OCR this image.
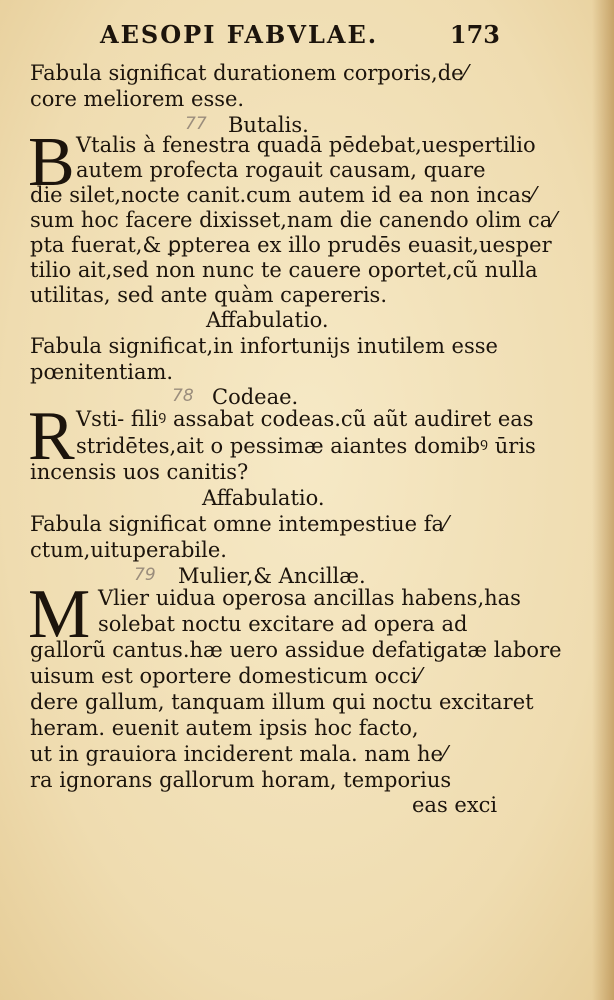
AESOPI FABVLAE.	173
Fabula significat durationem corporis,de⁄
core meliorem esse.
77 Butalis.
B Vtalis à fenestra quadā pēdebat,uespertilio
autem profecta rogauit causam, quare
die silet,nocte canit.cum autem id ea non incas⁄
sum hoc facere dixisset,nam die canendo olim ca⁄
pta fuerat,& ꝑpterea ex illo prudēs euasit,uesper
tilio ait,sed non nunc te cauere oportet,cũ nulla
utilitas, sed ante quàm capereris.
Affabulatio.
Fabula significat,in infortunijs inutilem esse
pœnitentiam.
78 Codeae.
R Vsti- filiꝰ assabat codeas.cũ aũt audiret eas
stridētes,ait o pessimæ aiantes domibꝰ ūris
incensis uos canitis?
Affabulatio.
Fabula significat omne intempestiue fa⁄
ctum,uituperabile.
79 Mulier,& Ancillæ.
M Vlier uidua operosa ancillas habens,has
solebat noctu excitare ad opera ad
gallorũ cantus.hæ uero assidue defatigatæ labore
uisum est oportere domesticum occi⁄
dere gallum, tanquam illum qui noctu excitaret
heram. euenit autem ipsis hoc facto,
ut in grauiora inciderent mala. nam he⁄
ra ignorans gallorum horam, temporius
eas exci
